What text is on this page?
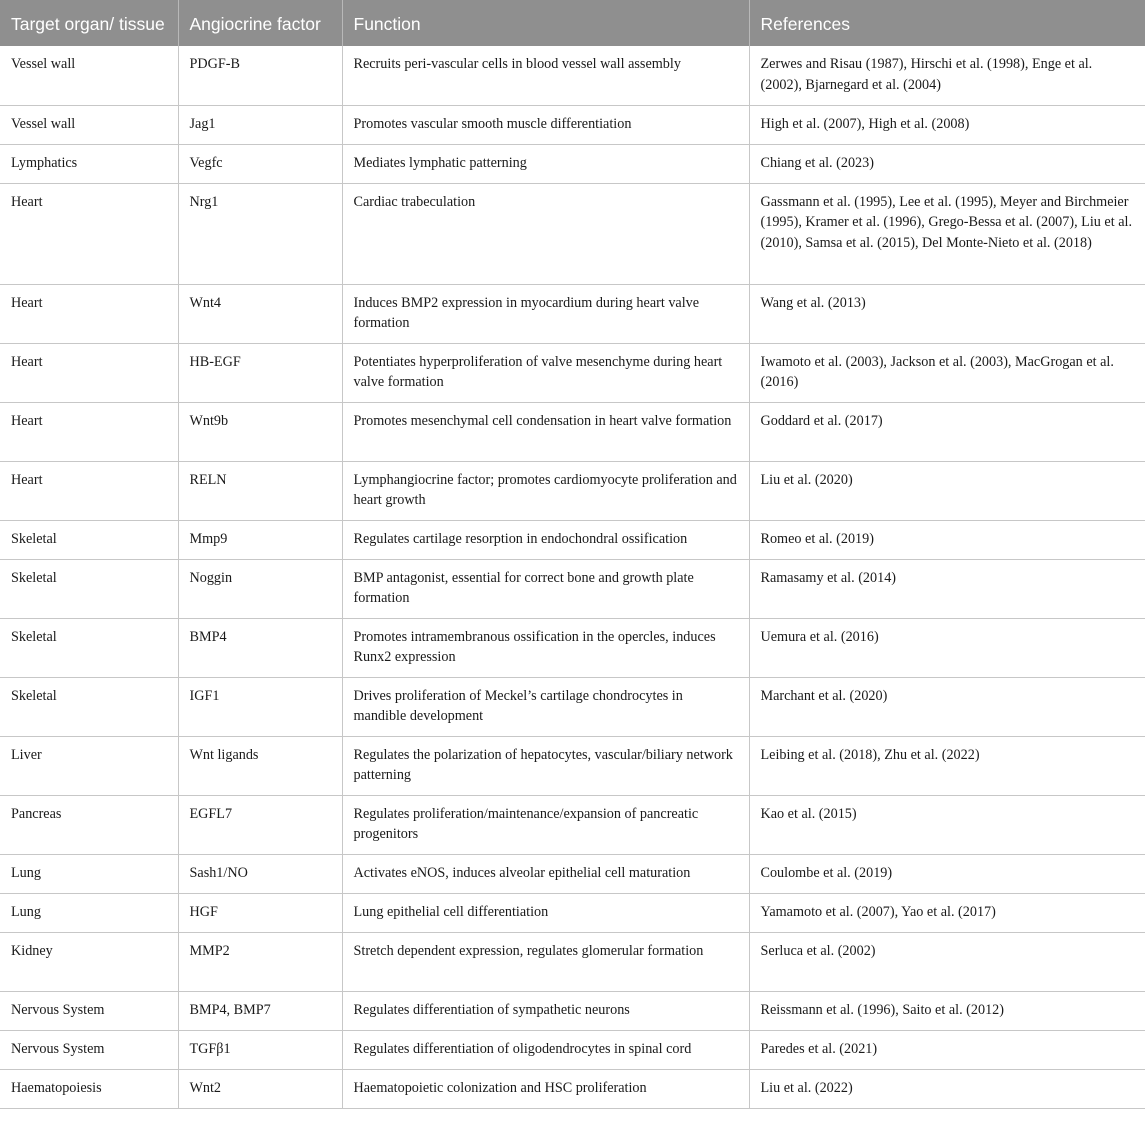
Target organ/ tissue	Angiocrine factor	Function	References
Vessel wall	PDGF-B	Recruits peri-vascular cells in blood vessel wall assembly	Zerwes and Risau (1987), Hirschi et al. (1998), Enge et al. (2002), Bjarnegard et al. (2004)
Vessel wall	Jag1	Promotes vascular smooth muscle differentiation	High et al. (2007), High et al. (2008)
Lymphatics	Vegfc	Mediates lymphatic patterning	Chiang et al. (2023)
Heart	Nrg1	Cardiac trabeculation	Gassmann et al. (1995), Lee et al. (1995), Meyer and Birchmeier (1995), Kramer et al. (1996), Grego-Bessa et al. (2007), Liu et al. (2010), Samsa et al. (2015), Del Monte-Nieto et al. (2018)
Heart	Wnt4	Induces BMP2 expression in myocardium during heart valve formation	Wang et al. (2013)
Heart	HB-EGF	Potentiates hyperproliferation of valve mesenchyme during heart valve formation	Iwamoto et al. (2003), Jackson et al. (2003), MacGrogan et al. (2016)
Heart	Wnt9b	Promotes mesenchymal cell condensation in heart valve formation	Goddard et al. (2017)
Heart	RELN	Lymphangiocrine factor; promotes cardiomyocyte proliferation and heart growth	Liu et al. (2020)
Skeletal	Mmp9	Regulates cartilage resorption in endochondral ossification	Romeo et al. (2019)
Skeletal	Noggin	BMP antagonist, essential for correct bone and growth plate formation	Ramasamy et al. (2014)
Skeletal	BMP4	Promotes intramembranous ossification in the opercles, induces Runx2 expression	Uemura et al. (2016)
Skeletal	IGF1	Drives proliferation of Meckel’s cartilage chondrocytes in mandible development	Marchant et al. (2020)
Liver	Wnt ligands	Regulates the polarization of hepatocytes, vascular/biliary network patterning	Leibing et al. (2018), Zhu et al. (2022)
Pancreas	EGFL7	Regulates proliferation/maintenance/expansion of pancreatic progenitors	Kao et al. (2015)
Lung	Sash1/NO	Activates eNOS, induces alveolar epithelial cell maturation	Coulombe et al. (2019)
Lung	HGF	Lung epithelial cell differentiation	Yamamoto et al. (2007), Yao et al. (2017)
Kidney	MMP2	Stretch dependent expression, regulates glomerular formation	Serluca et al. (2002)
Nervous System	BMP4, BMP7	Regulates differentiation of sympathetic neurons	Reissmann et al. (1996), Saito et al. (2012)
Nervous System	TGFβ1	Regulates differentiation of oligodendrocytes in spinal cord	Paredes et al. (2021)
Haematopoiesis	Wnt2	Haematopoietic colonization and HSC proliferation	Liu et al. (2022)
